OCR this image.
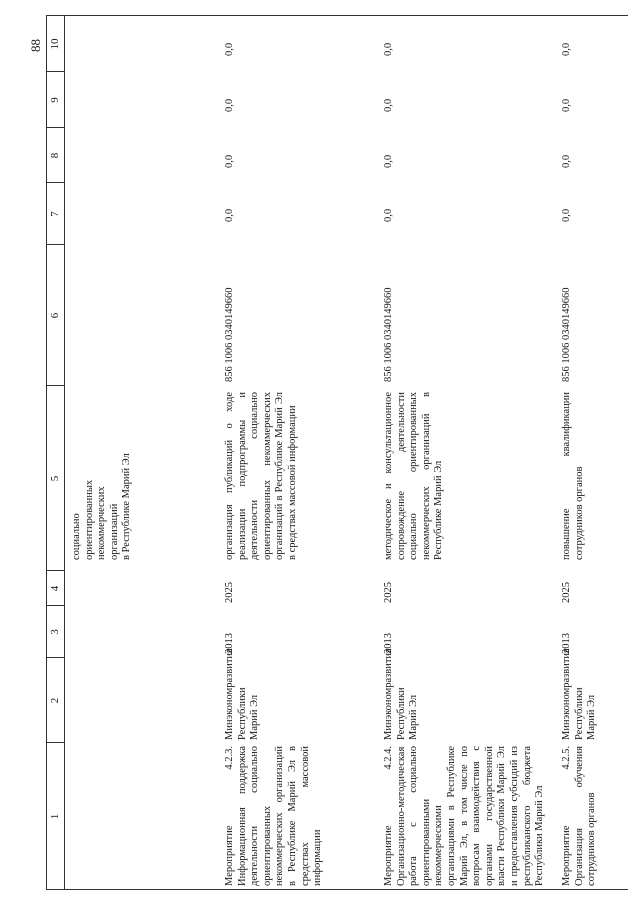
88
1
2
3
4
5
6
7
8
9
10
социально
ориентированных
некоммерческих
организаций
в Республике Марий Эл
Мероприятие 4.2.3. Информационная поддержка деятельности социально ориентированных некоммерческих организаций в Республике Марий Эл в средствах массовой информации
Минэкономразвития Республики Марий Эл
2013
2025
организация публикаций о ходе реализации подпрограммы и деятельности социально ориентированных некоммерческих организаций в Республике Марий Эл в средствах массовой информации
856 1006 0340149660
0,0
0,0
0,0
0,0
Мероприятие 4.2.4. Организационно-методическая работа с социально ориентированными некоммерческими организациями в Республике Марий Эл, в том числе по вопросам взаимодействия с органами государственной власти Республики Марий Эл и предоставления субсидий из республиканского бюджета Республики Марий Эл
Минэкономразвития Республики Марий Эл
2013
2025
методическое и консультационное сопровождение деятельности социально ориентированных некоммерческих организаций в Республике Марий Эл
856 1006 0340149660
0,0
0,0
0,0
0,0
Мероприятие 4.2.5. Организация обучения сотрудников органов
Минэкономразвития Республики Марий Эл
2013
2025
повышение квалификации сотрудников органов
856 1006 0340149660
0,0
0,0
0,0
0,0
